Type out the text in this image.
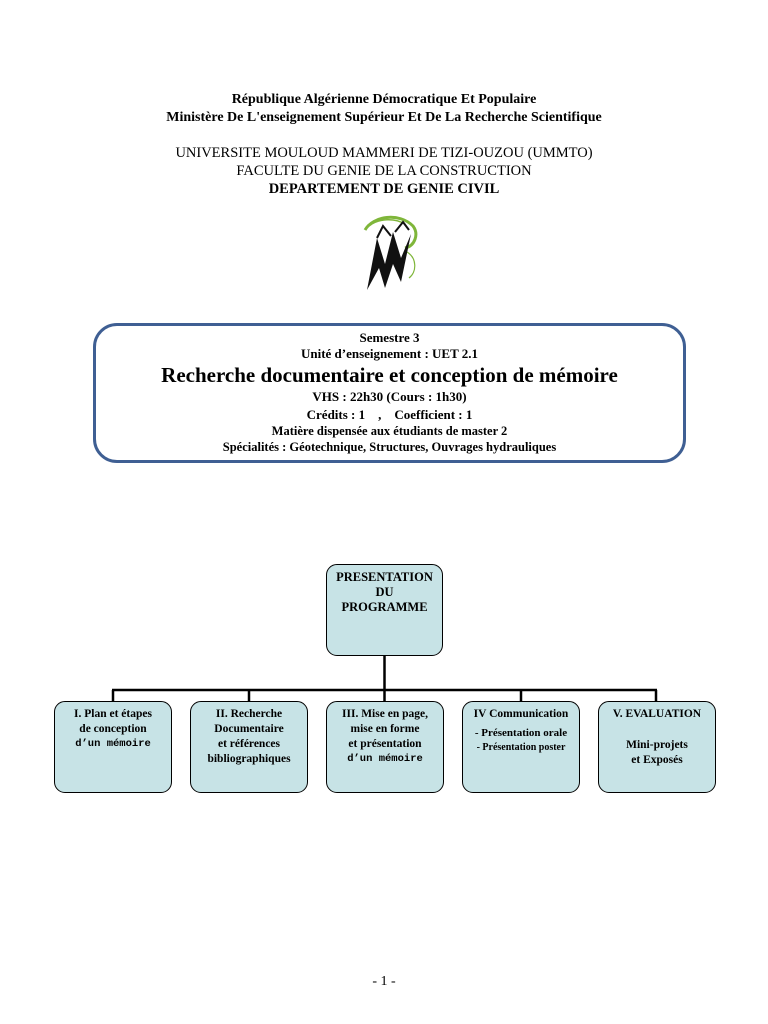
République Algérienne Démocratique Et Populaire
Ministère De L'enseignement Supérieur Et De La Recherche Scientifique
UNIVERSITE MOULOUD MAMMERI DE TIZI-OUZOU (UMMTO)
FACULTE DU GENIE DE LA CONSTRUCTION
DEPARTEMENT DE GENIE CIVIL
Semestre 3
Unité d’enseignement : UET 2.1
Recherche documentaire et conception de mémoire
VHS : 22h30 (Cours : 1h30)
Crédits : 1    ,    Coefficient : 1
Matière dispensée aux étudiants de master 2
Spécialités : Géotechnique, Structures, Ouvrages hydrauliques
PRESENTATION
DU
PROGRAMME
I. Plan et étapes
de conception
d’un mémoire
II. Recherche
Documentaire
et références
bibliographiques
III. Mise en page,
mise en forme
et présentation
d’un mémoire
IV Communication
- Présentation orale
- Présentation poster
V. EVALUATION
Mini-projets
et Exposés
- 1 -
